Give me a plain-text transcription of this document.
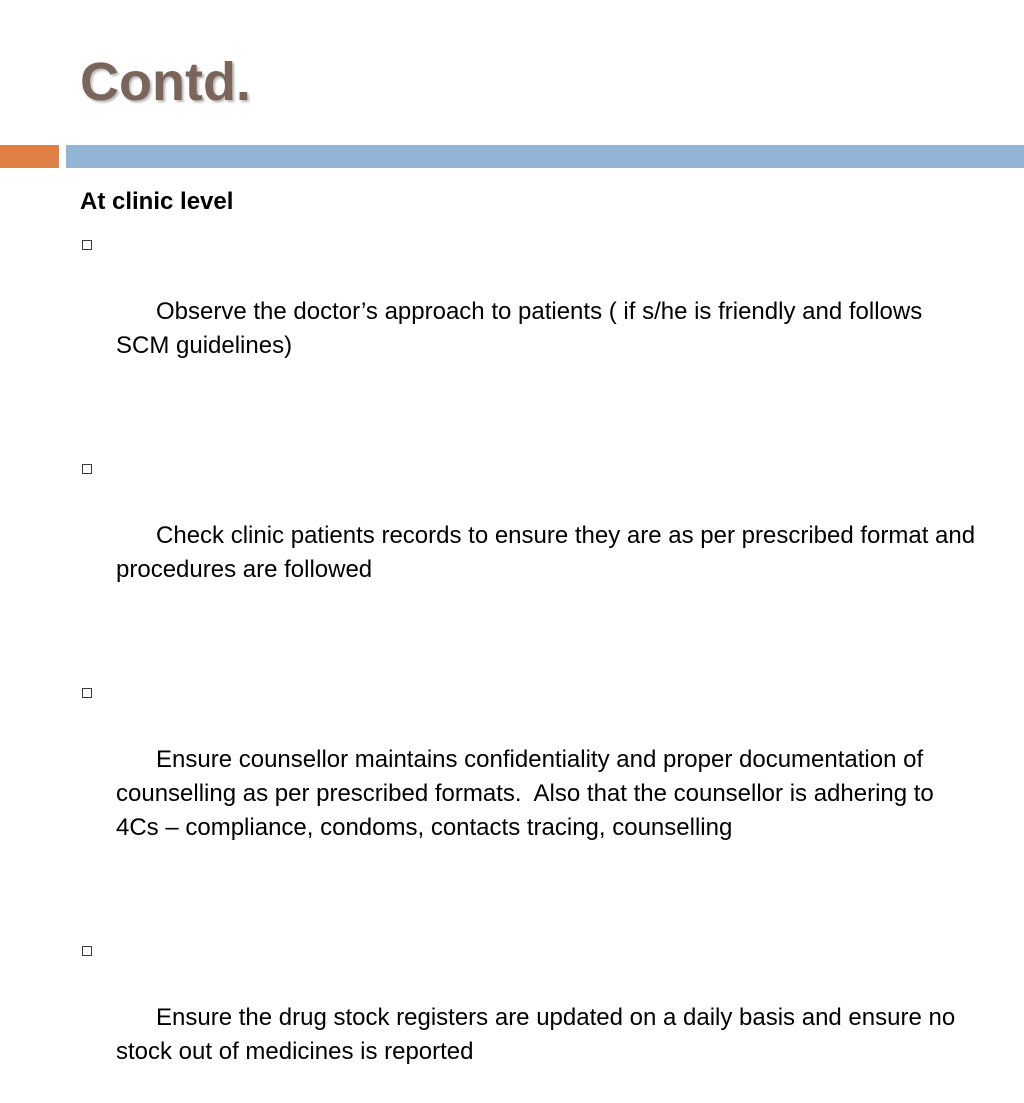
Contd.

At clinic level

Observe the doctor’s approach to patients ( if s/he is friendly and follows SCM guidelines)

Check clinic patients records to ensure they are as per prescribed format and procedures are followed

Ensure counsellor maintains confidentiality and proper documentation of counselling as per prescribed formats.  Also that the counsellor is adhering to 4Cs – compliance, condoms, contacts tracing, counselling

Ensure the drug stock registers are updated on a daily basis and ensure no stock out of medicines is reported
